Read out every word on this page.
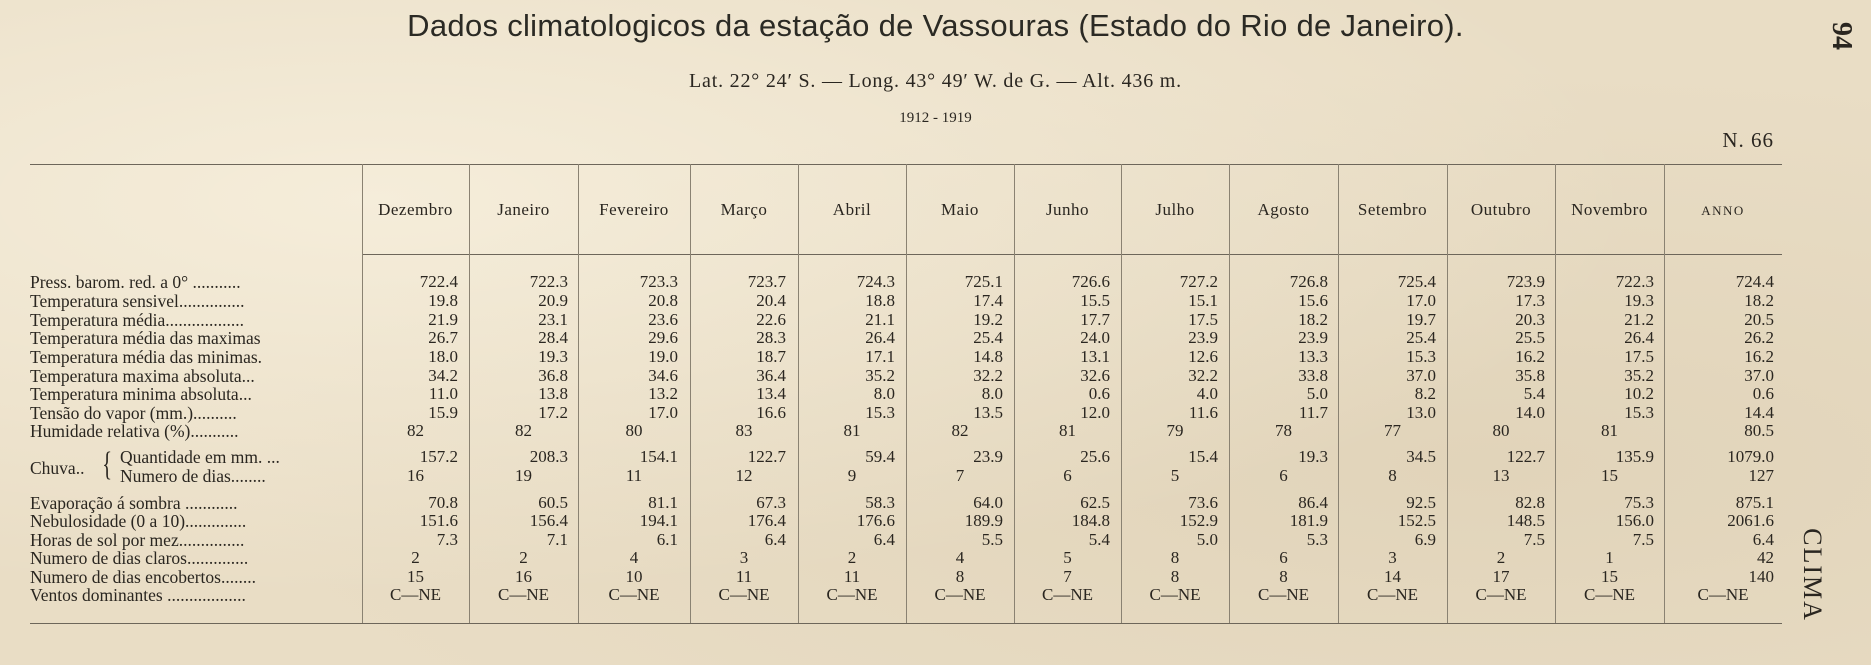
Dados climatologicos da estação de Vassouras (Estado do Rio de Janeiro).
Lat. 22° 24′ S. — Long. 43° 49′ W. de G. — Alt. 436 m.
1912 - 1919
94
CLIMA
N. 66
Dezembro	Janeiro	Fevereiro	Março	Abril	Maio	Junho	Julho	Agosto	Setembro	Outubro	Novembro	ANNO
Press. barom. red. a 0° ...........	722.4	722.3	723.3	723.7	724.3	725.1	726.6	727.2	726.8	725.4	723.9	722.3	724.4
Temperatura sensivel...............	19.8	20.9	20.8	20.4	18.8	17.4	15.5	15.1	15.6	17.0	17.3	19.3	18.2
Temperatura média..................	21.9	23.1	23.6	22.6	21.1	19.2	17.7	17.5	18.2	19.7	20.3	21.2	20.5
Temperatura média das maximas	26.7	28.4	29.6	28.3	26.4	25.4	24.0	23.9	23.9	25.4	25.5	26.4	26.2
Temperatura média das minimas.	18.0	19.3	19.0	18.7	17.1	14.8	13.1	12.6	13.3	15.3	16.2	17.5	16.2
Temperatura maxima absoluta...	34.2	36.8	34.6	36.4	35.2	32.2	32.6	32.2	33.8	37.0	35.8	35.2	37.0
Temperatura minima absoluta...	11.0	13.8	13.2	13.4	8.0	8.0	0.6	4.0	5.0	8.2	5.4	10.2	0.6
Tensão do vapor (mm.)..........	15.9	17.2	17.0	16.6	15.3	13.5	12.0	11.6	11.7	13.0	14.0	15.3	14.4
Humidade relativa (%)...........	82	82	80	83	81	82	81	79	78	77	80	81	80.5
Quantidade em mm. ...	157.2	208.3	154.1	122.7	59.4	23.9	25.6	15.4	19.3	34.5	122.7	135.9	1079.0
Numero de dias........	16	19	11	12	9	7	6	5	6	8	13	15	127
Evaporação á sombra ............	70.8	60.5	81.1	67.3	58.3	64.0	62.5	73.6	86.4	92.5	82.8	75.3	875.1
Nebulosidade (0 a 10)..............	151.6	156.4	194.1	176.4	176.6	189.9	184.8	152.9	181.9	152.5	148.5	156.0	2061.6
Horas de sol por mez...............	7.3	7.1	6.1	6.4	6.4	5.5	5.4	5.0	5.3	6.9	7.5	7.5	6.4
Numero de dias claros..............	2	2	4	3	2	4	5	8	6	3	2	1	42
Numero de dias encobertos........	15	16	10	11	11	8	7	8	8	14	17	15	140
Ventos dominantes ..................	C—NE	C—NE	C—NE	C—NE	C—NE	C—NE	C—NE	C—NE	C—NE	C—NE	C—NE	C—NE	C—NE
Chuva.. {
